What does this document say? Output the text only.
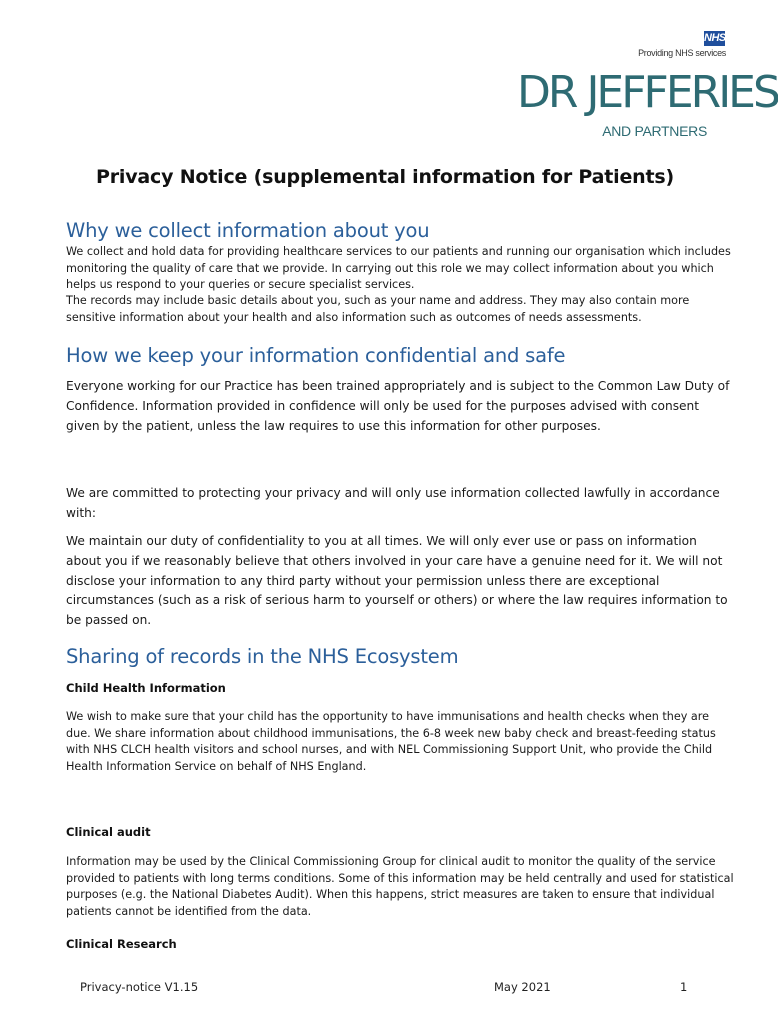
NHS
Providing NHS services
DR JEFFERIES
AND PARTNERS
Privacy Notice (supplemental information for Patients)
Why we collect information about you

We collect and hold data for providing healthcare services to our patients and running our organisation which includes monitoring the quality of care that we provide. In carrying out this role we may collect information about you which helps us respond to your queries or secure specialist services.

The records may include basic details about you, such as your name and address. They may also contain more sensitive information about your health and also information such as outcomes of needs assessments.

How we keep your information confidential and safe

Everyone working for our Practice has been trained appropriately and is subject to the Common Law Duty of Confidence. Information provided in confidence will only be used for the purposes advised with consent given by the patient, unless the law requires to use this information for other purposes.

We are committed to protecting your privacy and will only use information collected lawfully in accordance with:

We maintain our duty of confidentiality to you at all times. We will only ever use or pass on information about you if we reasonably believe that others involved in your care have a genuine need for it. We will not disclose your information to any third party without your permission unless there are exceptional circumstances (such as a risk of serious harm to yourself or others) or where the law requires information to be passed on.

Sharing of records in the NHS Ecosystem
Child Health Information

We wish to make sure that your child has the opportunity to have immunisations and health checks when they are due. We share information about childhood immunisations, the 6-8 week new baby check and breast-feeding status with NHS CLCH health visitors and school nurses, and with NEL Commissioning Support Unit, who provide the Child Health Information Service on behalf of NHS England.

Clinical audit

Information may be used by the Clinical Commissioning Group for clinical audit to monitor the quality of the service provided to patients with long terms conditions. Some of this information may be held centrally and used for statistical purposes (e.g. the National Diabetes Audit). When this happens, strict measures are taken to ensure that individual patients cannot be identified from the data.

Clinical Research
Privacy-notice V1.15	May 2021	1
